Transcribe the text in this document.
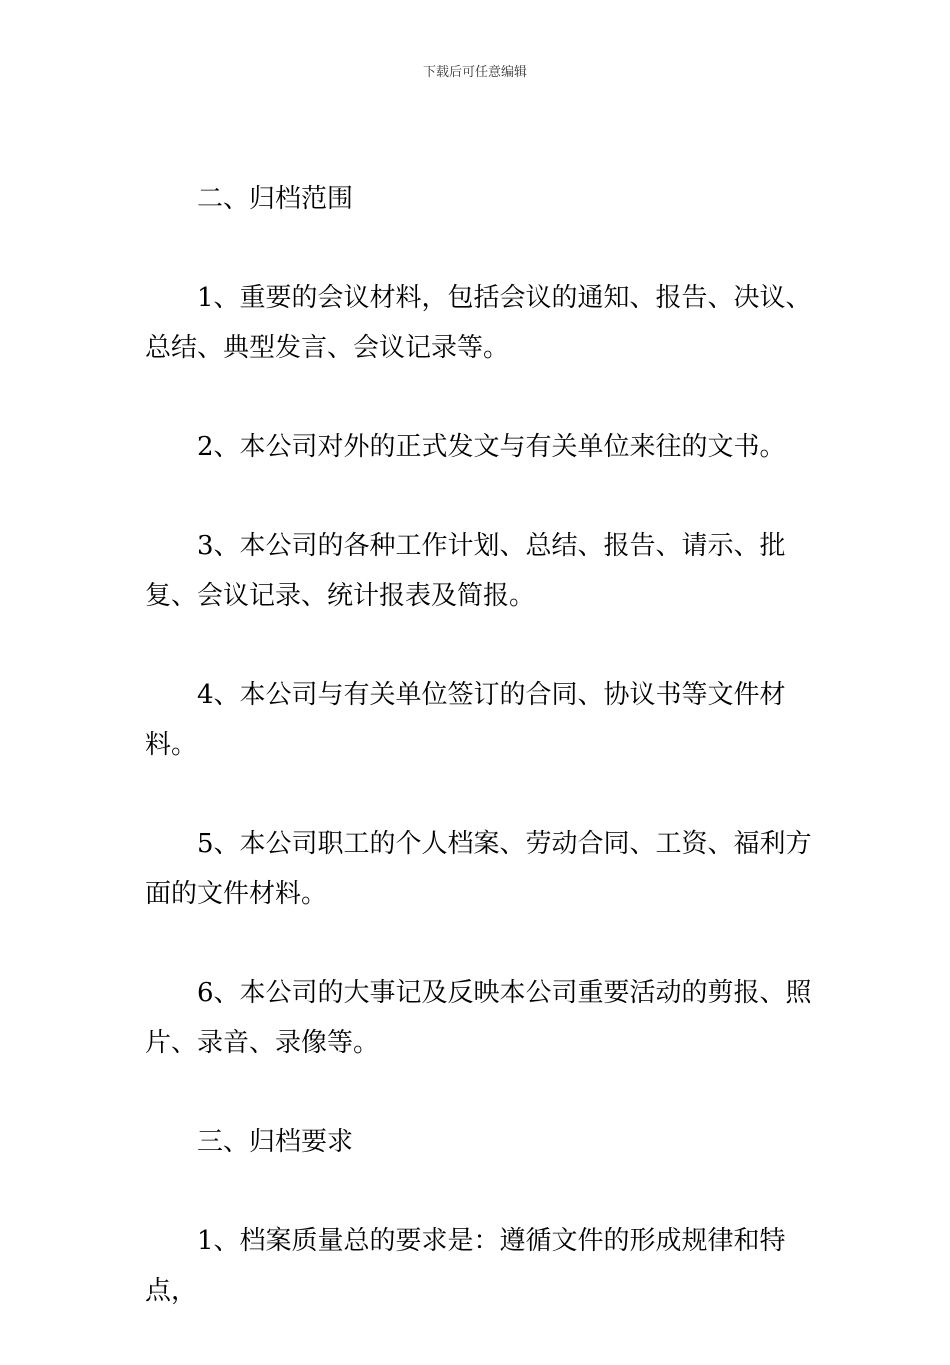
下载后可任意编辑

二、归档范围

1、重要的会议材料，包括会议的通知、报告、决议、总结、典型发言、会议记录等。

2、本公司对外的正式发文与有关单位来往的文书。

3、本公司的各种工作计划、总结、报告、请示、批复、会议记录、统计报表及简报。

4、本公司与有关单位签订的合同、协议书等文件材料。

5、本公司职工的个人档案、劳动合同、工资、福利方面的文件材料。

6、本公司的大事记及反映本公司重要活动的剪报、照片、录音、录像等。

三、归档要求

1、档案质量总的要求是：遵循文件的形成规律和特点，
